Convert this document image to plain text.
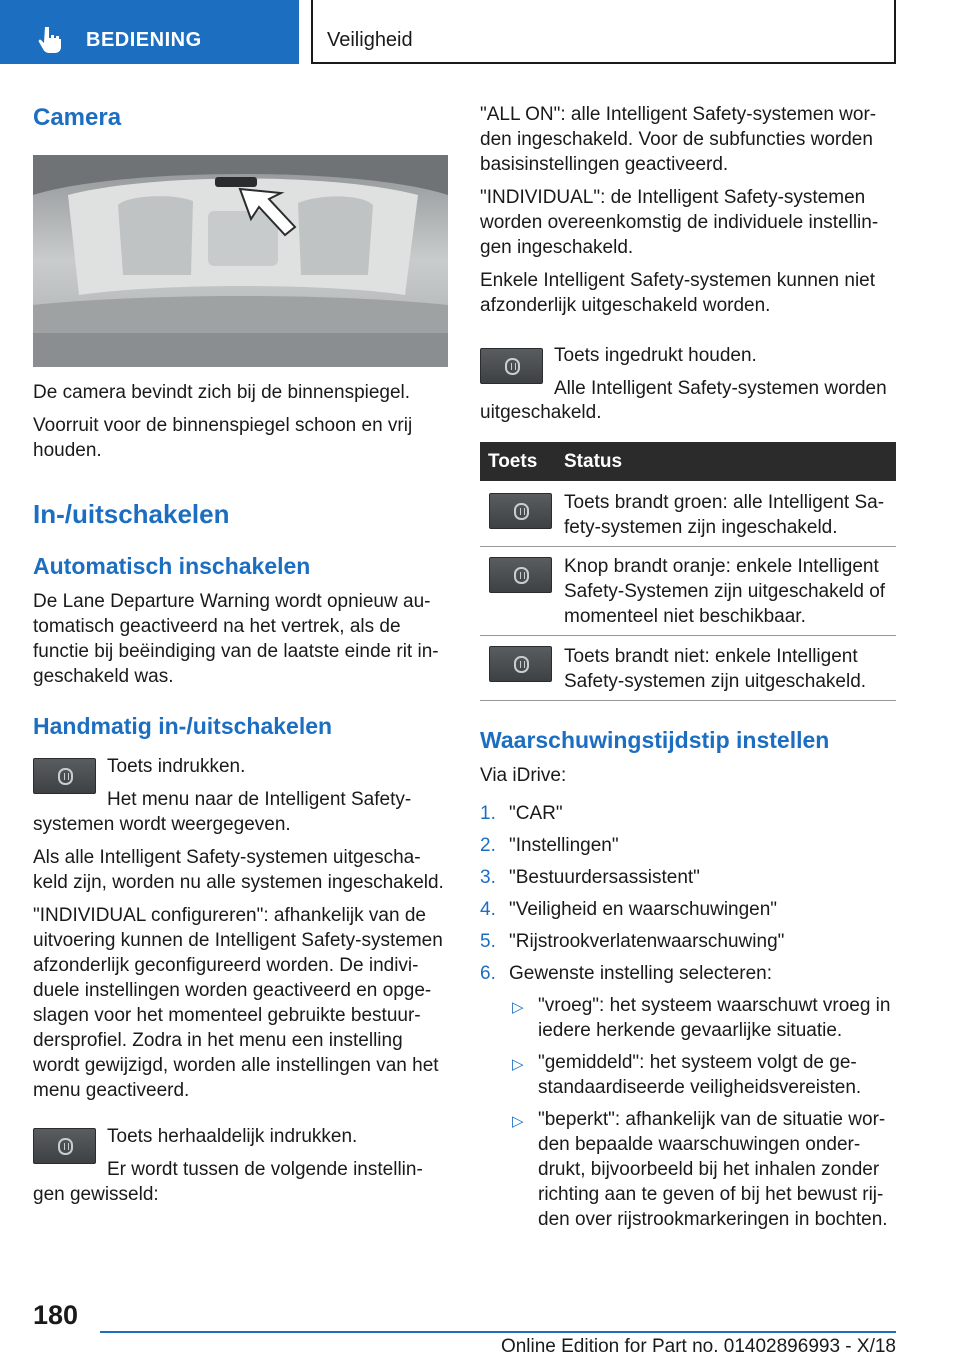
BEDIENING	Veiligheid
Camera
De camera bevindt zich bij de binnenspiegel.
Voorruit voor de binnenspiegel schoon en vrij
houden.
In-/uitschakelen
Automatisch inschakelen
De Lane Departure Warning wordt opnieuw au-
tomatisch geactiveerd na het vertrek, als de
functie bij beëindiging van de laatste einde rit in-
geschakeld was.
Handmatig in-/uitschakelen
Toets indrukken.
Het menu naar de Intelligent Safety-
systemen wordt weergegeven.
Als alle Intelligent Safety-systemen uitgescha-
keld zijn, worden nu alle systemen ingeschakeld.
"INDIVIDUAL configureren": afhankelijk van de
uitvoering kunnen de Intelligent Safety-systemen
afzonderlijk geconfigureerd worden. De indivi-
duele instellingen worden geactiveerd en opge-
slagen voor het momenteel gebruikte bestuur-
dersprofiel. Zodra in het menu een instelling
wordt gewijzigd, worden alle instellingen van het
menu geactiveerd.
Toets herhaaldelijk indrukken.
Er wordt tussen de volgende instellin-
gen gewisseld:
"ALL ON": alle Intelligent Safety-systemen wor-
den ingeschakeld. Voor de subfuncties worden
basisinstellingen geactiveerd.
"INDIVIDUAL": de Intelligent Safety-systemen
worden overeenkomstig de individuele instellin-
gen ingeschakeld.
Enkele Intelligent Safety-systemen kunnen niet
afzonderlijk uitgeschakeld worden.
Toets ingedrukt houden.
Alle Intelligent Safety-systemen worden
uitgeschakeld.
Toets Status
Toets brandt groen: alle Intelligent Sa-
fety-systemen zijn ingeschakeld.
Knop brandt oranje: enkele Intelligent
Safety-Systemen zijn uitgeschakeld of
momenteel niet beschikbaar.
Toets brandt niet: enkele Intelligent
Safety-systemen zijn uitgeschakeld.
Waarschuwingstijdstip instellen
Via iDrive:
1. "CAR"
2. "Instellingen"
3. "Bestuurdersassistent"
4. "Veiligheid en waarschuwingen"
5. "Rijstrookverlatenwaarschuwing"
6. Gewenste instelling selecteren:
▷ "vroeg": het systeem waarschuwt vroeg in
iedere herkende gevaarlijke situatie.
▷ "gemiddeld": het systeem volgt de ge-
standaardiseerde veiligheidsvereisten.
▷ "beperkt": afhankelijk van de situatie wor-
den bepaalde waarschuwingen onder-
drukt, bijvoorbeeld bij het inhalen zonder
richting aan te geven of bij het bewust rij-
den over rijstrookmarkeringen in bochten.
180
Online Edition for Part no. 01402896993 - X/18
